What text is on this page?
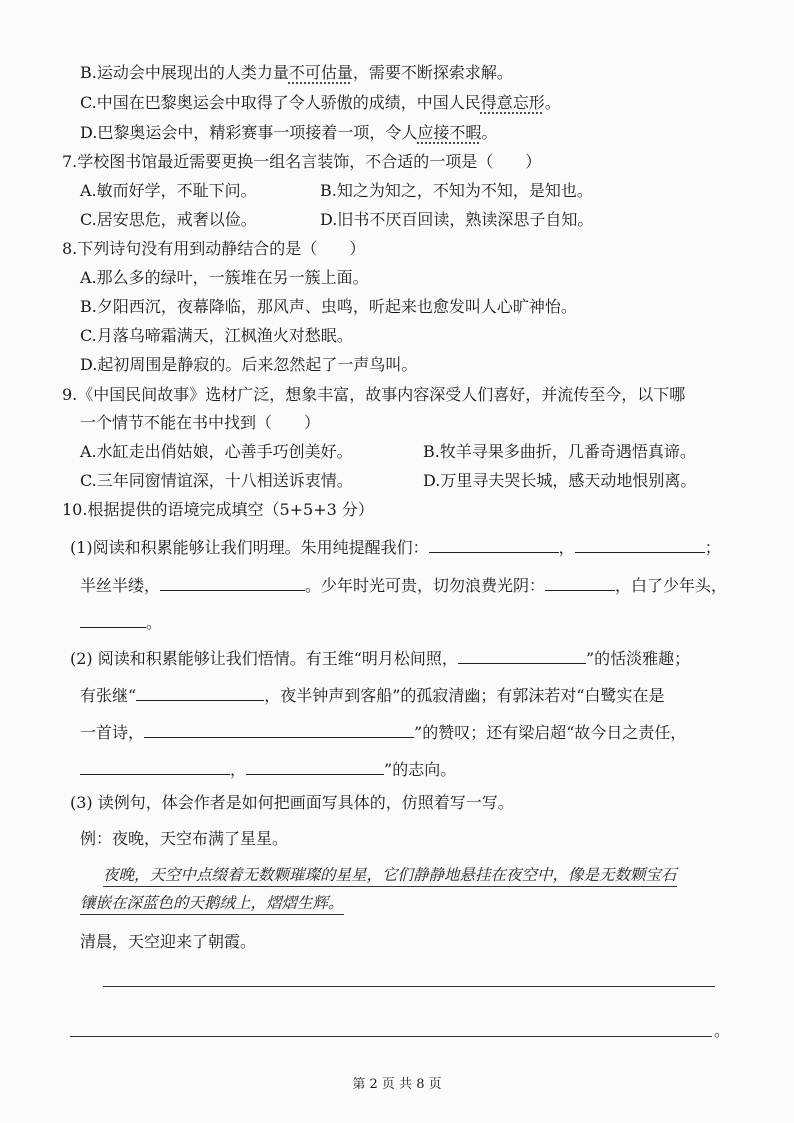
B.运动会中展现出的人类力量不可估量，需要不断探索求解。
C.中国在巴黎奥运会中取得了令人骄傲的成绩，中国人民得意忘形。
D.巴黎奥运会中，精彩赛事一项接着一项，令人应接不暇。
7.学校图书馆最近需要更换一组名言装饰，不合适的一项是（　　）
A.敏而好学，不耻下问。	B.知之为知之，不知为不知，是知也。
C.居安思危，戒奢以俭。	D.旧书不厌百回读，熟读深思子自知。
8.下列诗句没有用到动静结合的是（　　）
A.那么多的绿叶，一簇堆在另一簇上面。
B.夕阳西沉，夜幕降临，那风声、虫鸣，听起来也愈发叫人心旷神怡。
C.月落乌啼霜满天，江枫渔火对愁眠。
D.起初周围是静寂的。后来忽然起了一声鸟叫。
9.《中国民间故事》选材广泛，想象丰富，故事内容深受人们喜好，并流传至今，以下哪
一个情节不能在书中找到（　　）
A.水缸走出俏姑娘，心善手巧创美好。	B.牧羊寻果多曲折，几番奇遇悟真谛。
C.三年同窗情谊深，十八相送诉衷情。	D.万里寻夫哭长城，感天动地恨别离。
10.根据提供的语境完成填空（5+5+3 分）
(1)阅读和积累能够让我们明理。朱用纯提醒我们：	，	；
半丝半缕，	。少年时光可贵，切勿浪费光阴：	，白了少年头，
。
(2) 阅读和积累能够让我们悟情。有王维“明月松间照，	”的恬淡雅趣；
有张继“	，夜半钟声到客船”的孤寂清幽；有郭沫若对“白鹭实在是
一首诗，	”的赞叹；还有梁启超“故今日之责任，
，	”的志向。
(3) 读例句，体会作者是如何把画面写具体的，仿照着写一写。
例：夜晚，天空布满了星星。
夜晚，天空中点缀着无数颗璀璨的星星，它们静静地悬挂在夜空中，像是无数颗宝石
镶嵌在深蓝色的天鹅绒上，熠熠生辉。
清晨，天空迎来了朝霞。
。
第 2 页 共 8 页
